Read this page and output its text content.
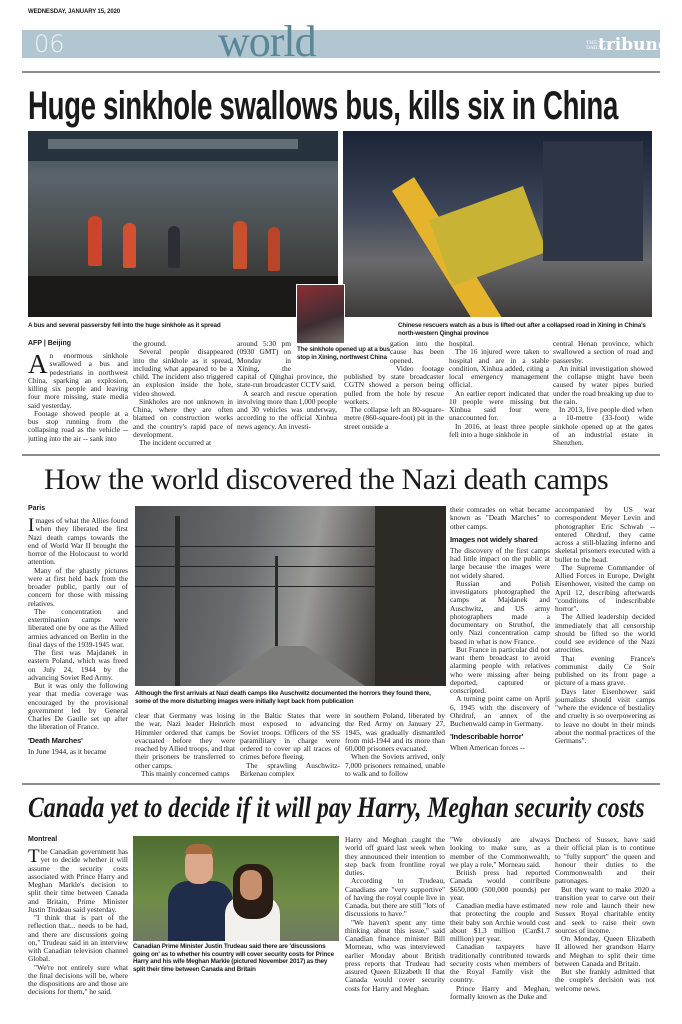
WEDNESDAY, JANUARY 15, 2020
06	world	THE DAILYtribune
Huge sinkhole swallows bus, kills six in China
A bus and several passersby fell into the huge sinkhole as it spread
The sinkhole opened up at a bus stop in Xining, northwest China
Chinese rescuers watch as a bus is lifted out after a collapsed road in Xining in China's north-western Qinghai province
AFP | Beijing

An enormous sinkhole swallowed a bus and pedestrians in northwest China, sparking an explosion, killing six people and leaving four more missing, state media said yesterday.

Footage showed people at a bus stop running from the collapsing road as the vehicle -- jutting into the air -- sank into

the ground.

Several people disappeared into the sinkhole as it spread, including what appeared to be a child. The incident also triggered an explosion inside the hole, video showed.

Sinkholes are not unknown in China, where they are often blamed on construction works and the country's rapid pace of development.

The incident occurred at

around 5:30 pm (0930 GMT) on Monday in Xining, the capital of Qinghai province, the state-run broadcaster CCTV said.

A search and rescue operation involving more than 1,000 people and 30 vehicles was underway, according to the official Xinhua news agency. An investi-

gation into the cause has been opened.

Video footage published by state broadcaster CGTN showed a person being pulled from the hole by rescue workers.

The collapse left an 80-square-metre (860-square-foot) pit in the street outside a

hospital.

The 16 injured were taken to hospital and are in a stable condition, Xinhua added, citing a local emergency management official.

An earlier report indicated that 10 people were missing but Xinhua said four were unaccounted for.

In 2016, at least three people fell into a huge sinkhole in

central Henan province, which swallowed a section of road and passersby.

An initial investigation showed the collapse might have been caused by water pipes buried under the road breaking up due to the rain.

In 2013, five people died when a 10-metre (33-foot) wide sinkhole opened up at the gates of an industrial estate in Shenzhen.

How the world discovered the Nazi death camps
Although the first arrivals at Nazi death camps like Auschwitz documented the horrors they found there, some of the more disturbing images were initially kept back from publication
Paris

Images of what the Allies found when they liberated the first Nazi death camps towards the end of World War II brought the horror of the Holocaust to world attention.

Many of the ghastly pictures were at first held back from the broader public, partly out of concern for those with missing relatives.

The concentration and extermination camps were liberated one by one as the Allied armies advanced on Berlin in the final days of the 1939-1945 war.

The first was Majdanek in eastern Poland, which was freed on July 24, 1944 by the advancing Soviet Red Army.

But it was only the following year that media coverage was encouraged by the provisional government led by General Charles De Gaulle set up after the liberation of France.

'Death Marches'

In June 1944, as it became

clear that Germany was losing the war, Nazi leader Heinrich Himmler ordered that camps be evacuated before they were reached by Allied troops, and that their prisoners be transferred to other camps.

This mainly concerned camps

in the Baltic States that were most exposed to advancing Soviet troops. Officers of the SS paramilitary in charge were ordered to cover up all traces of crimes before fleeing.

The sprawling Auschwitz-Birkenau complex

in southern Poland, liberated by the Red Army on January 27, 1945, was gradually dismantled from mid-1944 and its more than 60,000 prisoners evacuated.

When the Soviets arrived, only 7,000 prisoners remained, unable to walk and to follow

their comrades on what became known as "Death Marches" to other camps.

Images not widely shared

The discovery of the first camps had little impact on the public at large because the images were not widely shared.

Russian and Polish investigators photographed the camps at Majdanek and Auschwitz, and US army photographers made a documentary on Struthof, the only Nazi concentration camp based in what is now France.

But France in particular did not want them broadcast to avoid alarming people with relatives who were missing after being deported, captured or conscripted.

A turning point came on April 6, 1945 with the discovery of Ohrdruf, an annex of the Buchenwald camp in Germany.

'Indescribable horror'

When American forces --

accompanied by US war correspondent Meyer Levin and photographer Eric Schwab -- entered Ohrdruf, they came across a still-blazing inferno and skeletal prisoners executed with a bullet to the head.

The Supreme Commander of Allied Forces in Europe, Dwight Eisenhower, visited the camp on April 12, describing afterwards "conditions of indescribable horror".

The Allied leadership decided immediately that all censorship should be lifted so the world could see evidence of the Nazi atrocities.

That evening France's communist daily Ce Soir published on its front page a picture of a mass grave.

Days later Eisenhower said journalists should visit camps "where the evidence of bestiality and cruelty is so overpowering as to leave no doubt in their minds about the normal practices of the Germans".

Canada yet to decide if it will pay Harry, Meghan security costs
Canadian Prime Minister Justin Trudeau said there are 'discussions going on' as to whether his country will cover security costs for Prince Harry and his wife Meghan Markle (pictured November 2017) as they split their time between Canada and Britain
Montreal

The Canadian government has yet to decide whether it will assume the security costs associated with Prince Harry and Meghan Markle's decision to split their time between Canada and Britain, Prime Minister Justin Trudeau said yesterday.

"I think that is part of the reflection that... needs to be had, and there are discussions going on," Trudeau said in an interview with Canadian television channel Global.

"We're not entirely sure what the final decisions will be, where the dispositions are and those are decisions for them," he said.

Harry and Meghan caught the world off guard last week when they announced their intention to step back from frontline royal duties.

According to Trudeau, Canadians are "very supportive" of having the royal couple live in Canada, but there are still "lots of discussions to have."

"We haven't spent any time thinking about this issue," said Canadian finance minister Bill Morneau, who was interviewed earlier Monday about British press reports that Trudeau had assured Queen Elizabeth II that Canada would cover security costs for Harry and Meghan.

"We obviously are always looking to make sure, as a member of the Commonwealth, we play a role," Morneau said.

British press had reported Canada would contribute $650,000 (500,000 pounds) per year.

Canadian media have estimated that protecting the couple and their baby son Archie would cost about $1.3 million (Can$1.7 million) per year.

Canadian taxpayers have traditionally contributed towards security costs when members of the Royal Family visit the country.

Prince Harry and Meghan, formally known as the Duke and

Duchess of Sussex, have said their official plan is to continue to "fully support" the queen and honour their duties to the Commonwealth and their patronages.

But they want to make 2020 a transition year to carve out their new role and launch their new Sussex Royal charitable entity and seek to raise their own sources of income.

On Monday, Queen Elizabeth II allowed her grandson Harry and Meghan to split their time between Canada and Britain.

But she frankly admitted that the couple's decision was not welcome news.
